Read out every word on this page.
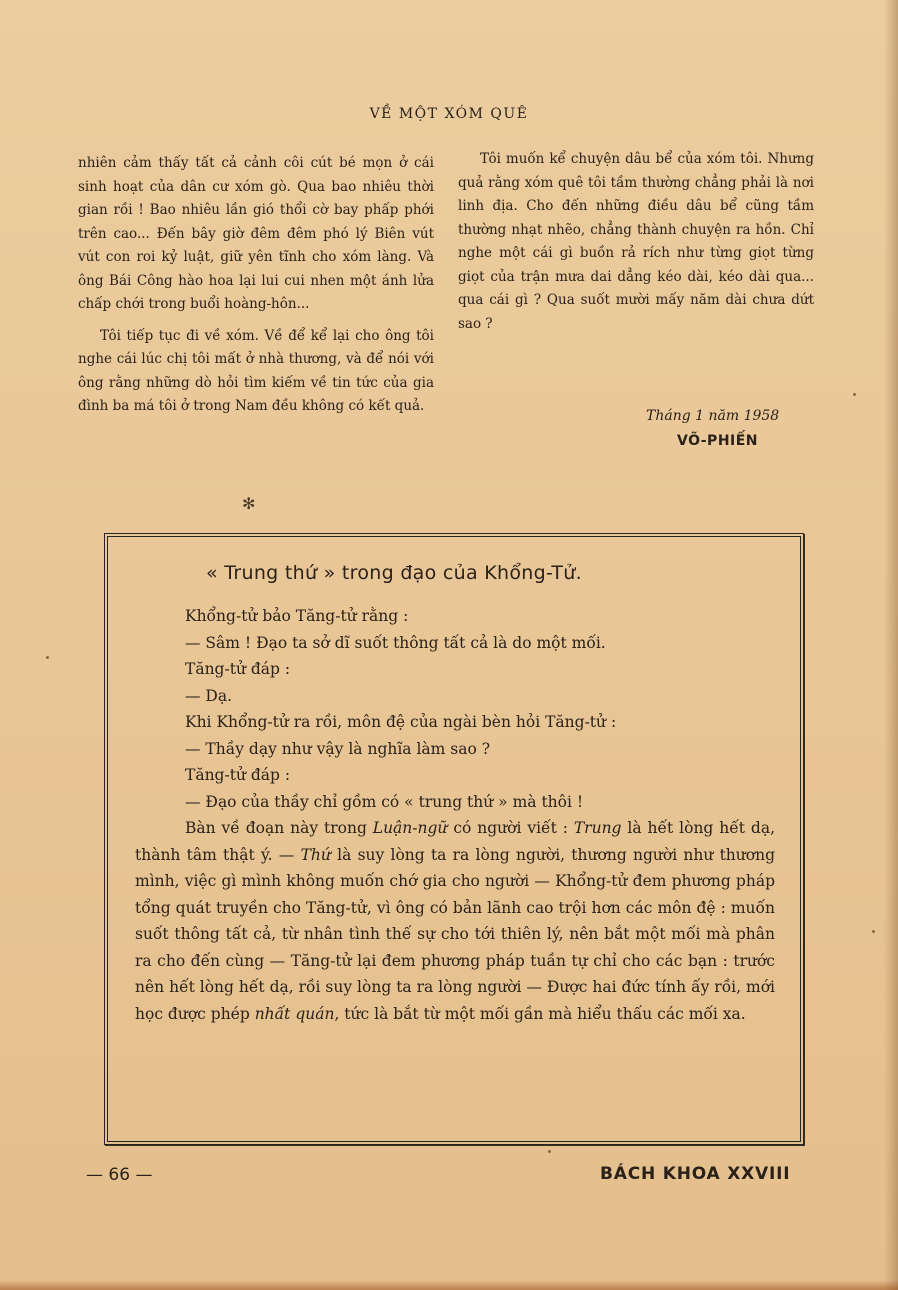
VỀ MỘT XÓM QUÊ

nhiên cảm thấy tất cả cảnh côi cút bé mọn ở cái sinh hoạt của dân cư xóm gò. Qua bao nhiêu thời gian rồi ! Bao nhiêu lần gió thổi cờ bay phấp phới trên cao... Đến bây giờ đêm đêm phó lý Biên vút vút con roi kỷ luật, giữ yên tĩnh cho xóm làng. Và ông Bái Công hào hoa lại lui cui nhen một ánh lửa chấp chới trong buổi hoàng-hôn...

Tôi tiếp tục đi về xóm. Về để kể lại cho ông tôi nghe cái lúc chị tôi mất ở nhà thương, và để nói với ông rằng những dò hỏi tìm kiếm về tin tức của gia đình ba má tôi ở trong Nam đều không có kết quả.

Tôi muốn kể chuyện dâu bể của xóm tôi. Nhưng quả rằng xóm quê tôi tầm thường chẳng phải là nơi linh địa. Cho đến những điều dâu bể cũng tầm thường nhạt nhẽo, chẳng thành chuyện ra hồn. Chỉ nghe một cái gì buồn rả rích như từng giọt từng giọt của trận mưa dai dẳng kéo dài, kéo dài qua... qua cái gì ? Qua suốt mười mấy năm dài chưa dứt sao ?

Tháng 1 năm 1958
VÕ-PHIẾN
✻
« Trung thứ » trong đạo của Khổng-Tử.

Khổng-tử bảo Tăng-tử rằng :

— Sâm ! Đạo ta sở dĩ suốt thông tất cả là do một mối.

Tăng-tử đáp :

— Dạ.

Khi Khổng-tử ra rồi, môn đệ của ngài bèn hỏi Tăng-tử :

— Thầy dạy như vậy là nghĩa làm sao ?

Tăng-tử đáp :

— Đạo của thầy chỉ gồm có « trung thứ » mà thôi !

Bàn về đoạn này trong Luận-ngữ có người viết : Trung là hết lòng hết dạ, thành tâm thật ý. — Thứ là suy lòng ta ra lòng người, thương người như thương mình, việc gì mình không muốn chớ gia cho người — Khổng-tử đem phương pháp tổng quát truyền cho Tăng-tử, vì ông có bản lãnh cao trội hơn các môn đệ : muốn suốt thông tất cả, từ nhân tình thế sự cho tới thiên lý, nên bắt một mối mà phân ra cho đến cùng — Tăng-tử lại đem phương pháp tuần tự chỉ cho các bạn : trước nên hết lòng hết dạ, rồi suy lòng ta ra lòng người — Được hai đức tính ấy rồi, mới học được phép nhất quán, tức là bắt từ một mối gần mà hiểu thấu các mối xa.

— 66 —	BÁCH KHOA XXVIII
